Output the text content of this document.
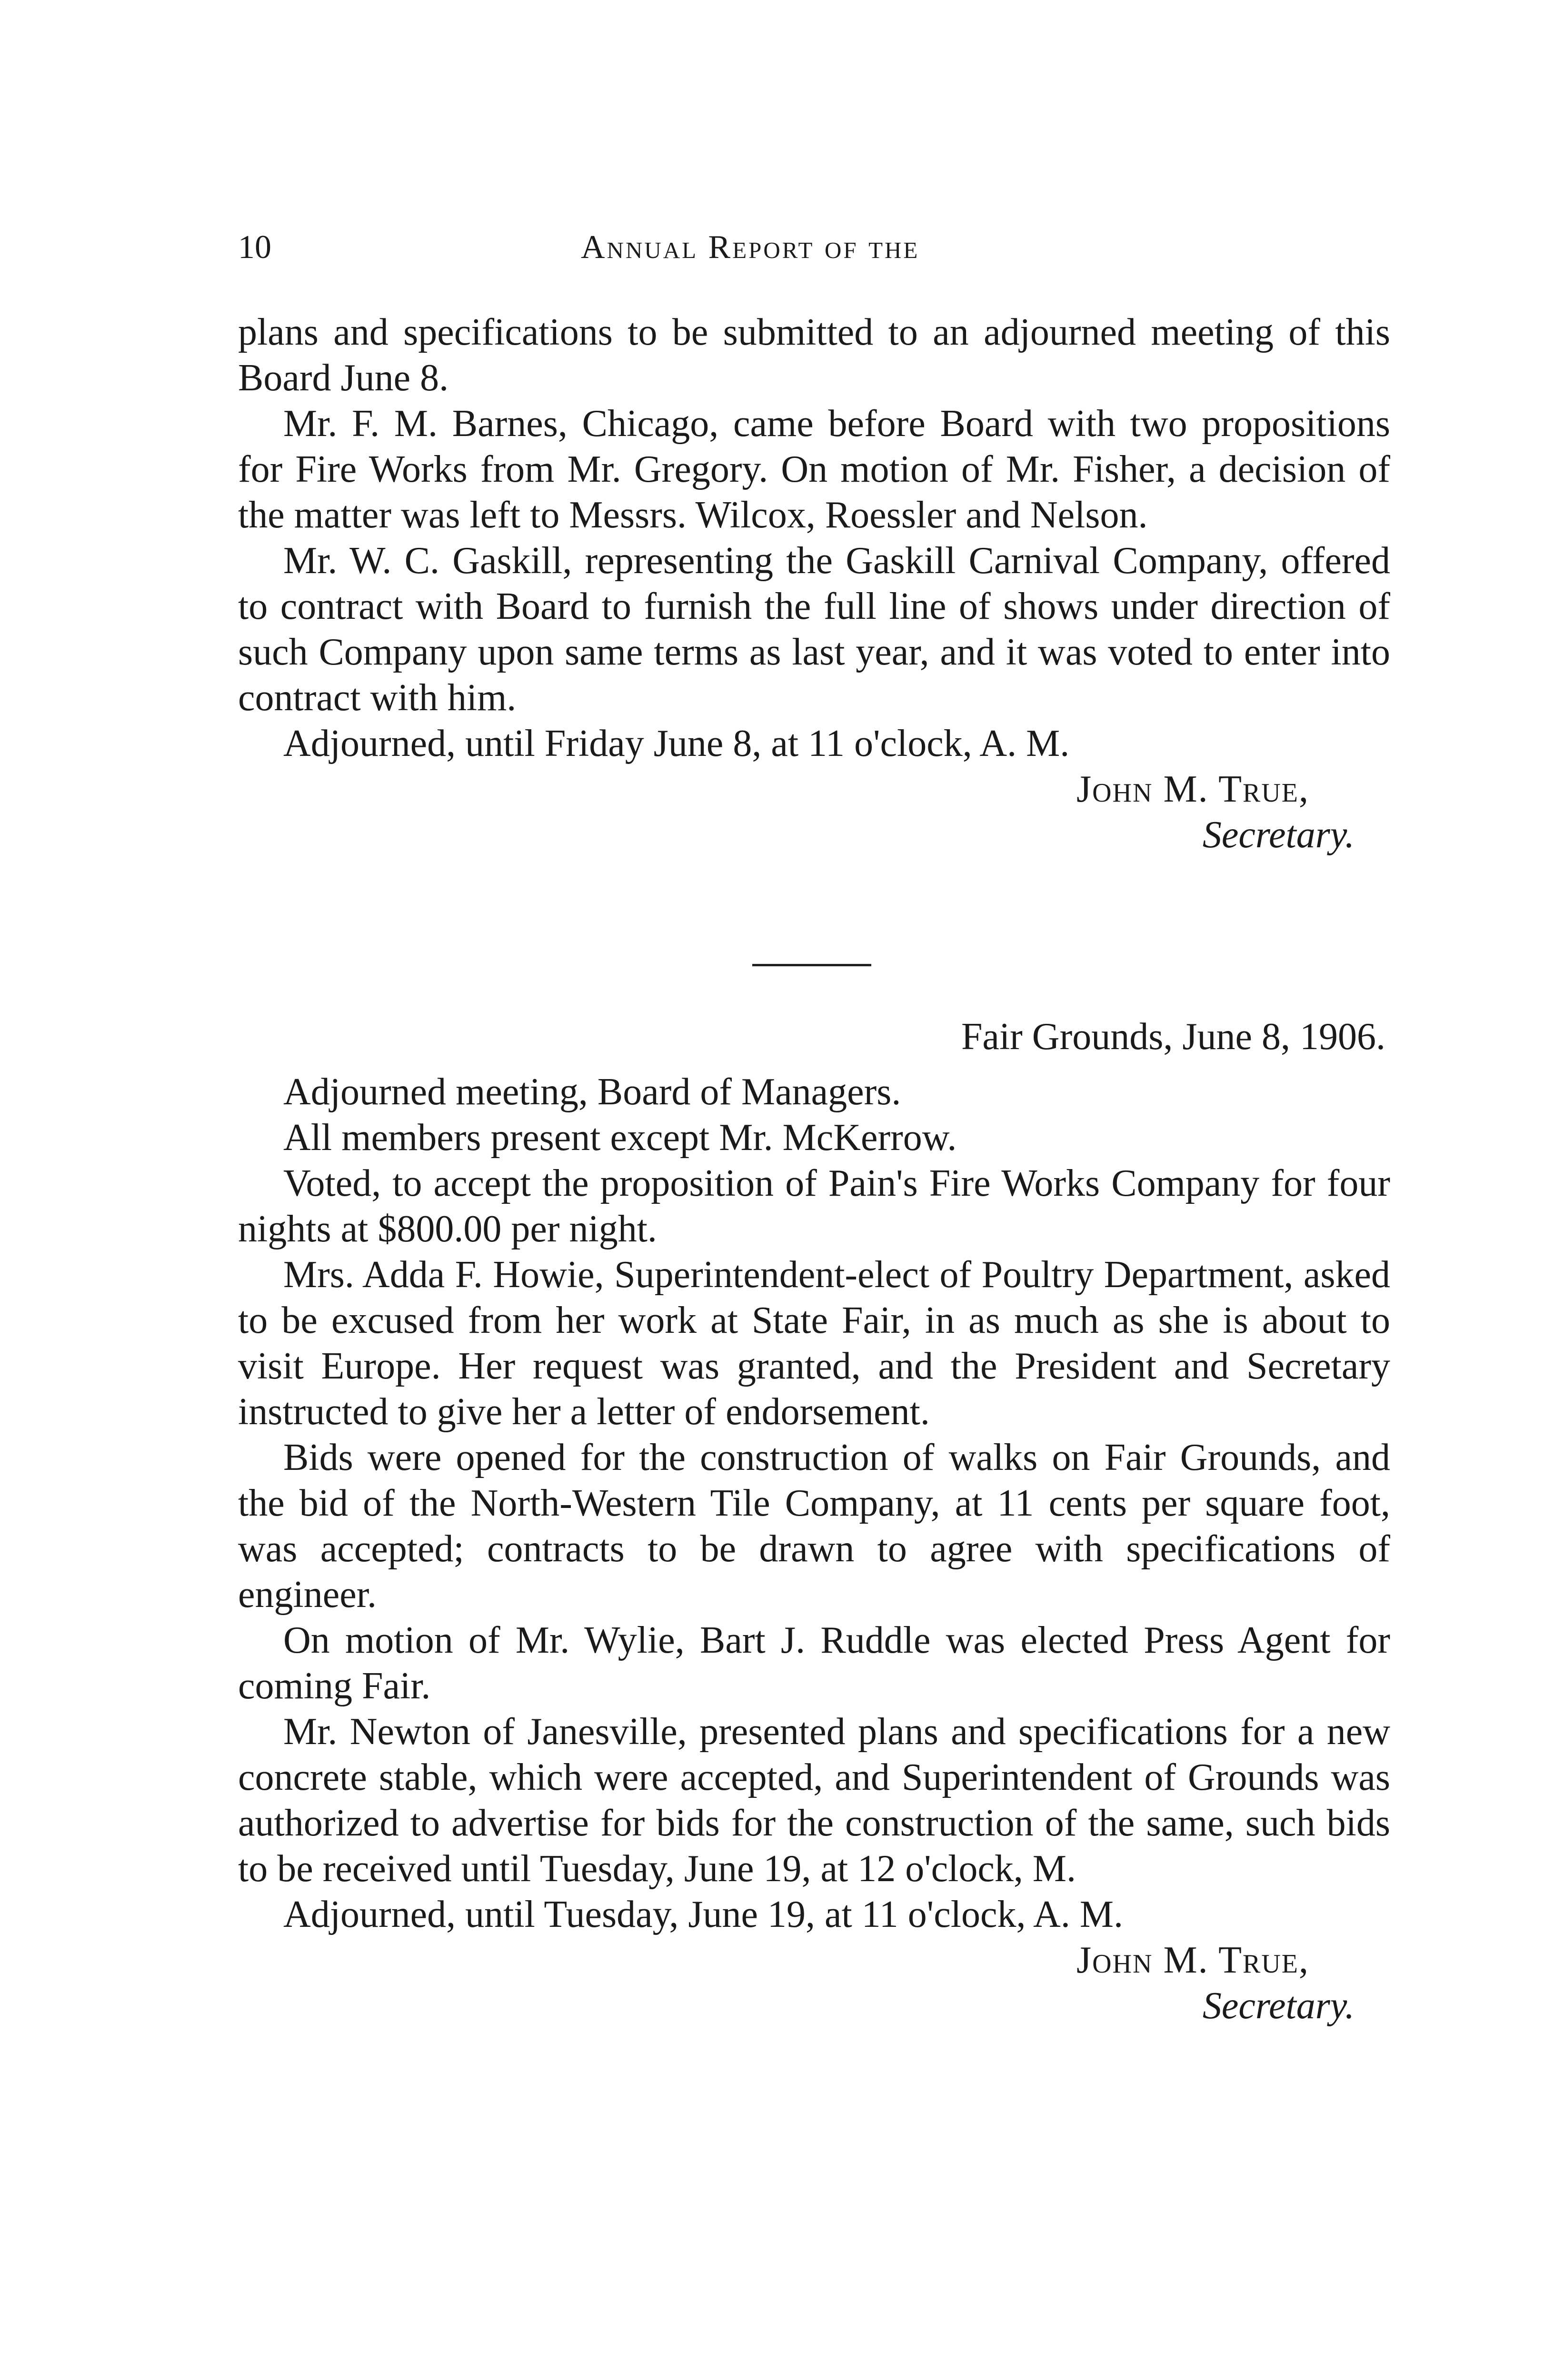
10	Annual Report of the

plans and specifications to be submitted to an adjourned meeting of this Board June 8.

Mr. F. M. Barnes, Chicago, came before Board with two propositions for Fire Works from Mr. Gregory. On motion of Mr. Fisher, a decision of the matter was left to Messrs. Wilcox, Roessler and Nelson.

Mr. W. C. Gaskill, representing the Gaskill Carnival Company, offered to contract with Board to furnish the full line of shows under direction of such Company upon same terms as last year, and it was voted to enter into contract with him.

Adjourned, until Friday June 8, at 11 o'clock, A. M.

John M. True,

Secretary.

Fair Grounds, June 8, 1906.

Adjourned meeting, Board of Managers.

All members present except Mr. McKerrow.

Voted, to accept the proposition of Pain's Fire Works Company for four nights at $800.00 per night.

Mrs. Adda F. Howie, Superintendent-elect of Poultry Department, asked to be excused from her work at State Fair, in as much as she is about to visit Europe. Her request was granted, and the President and Secretary instructed to give her a letter of endorsement.

Bids were opened for the construction of walks on Fair Grounds, and the bid of the North-Western Tile Company, at 11 cents per square foot, was accepted; contracts to be drawn to agree with specifications of engineer.

On motion of Mr. Wylie, Bart J. Ruddle was elected Press Agent for coming Fair.

Mr. Newton of Janesville, presented plans and specifications for a new concrete stable, which were accepted, and Superintendent of Grounds was authorized to advertise for bids for the construction of the same, such bids to be received until Tuesday, June 19, at 12 o'clock, M.

Adjourned, until Tuesday, June 19, at 11 o'clock, A. M.

John M. True,

Secretary.
